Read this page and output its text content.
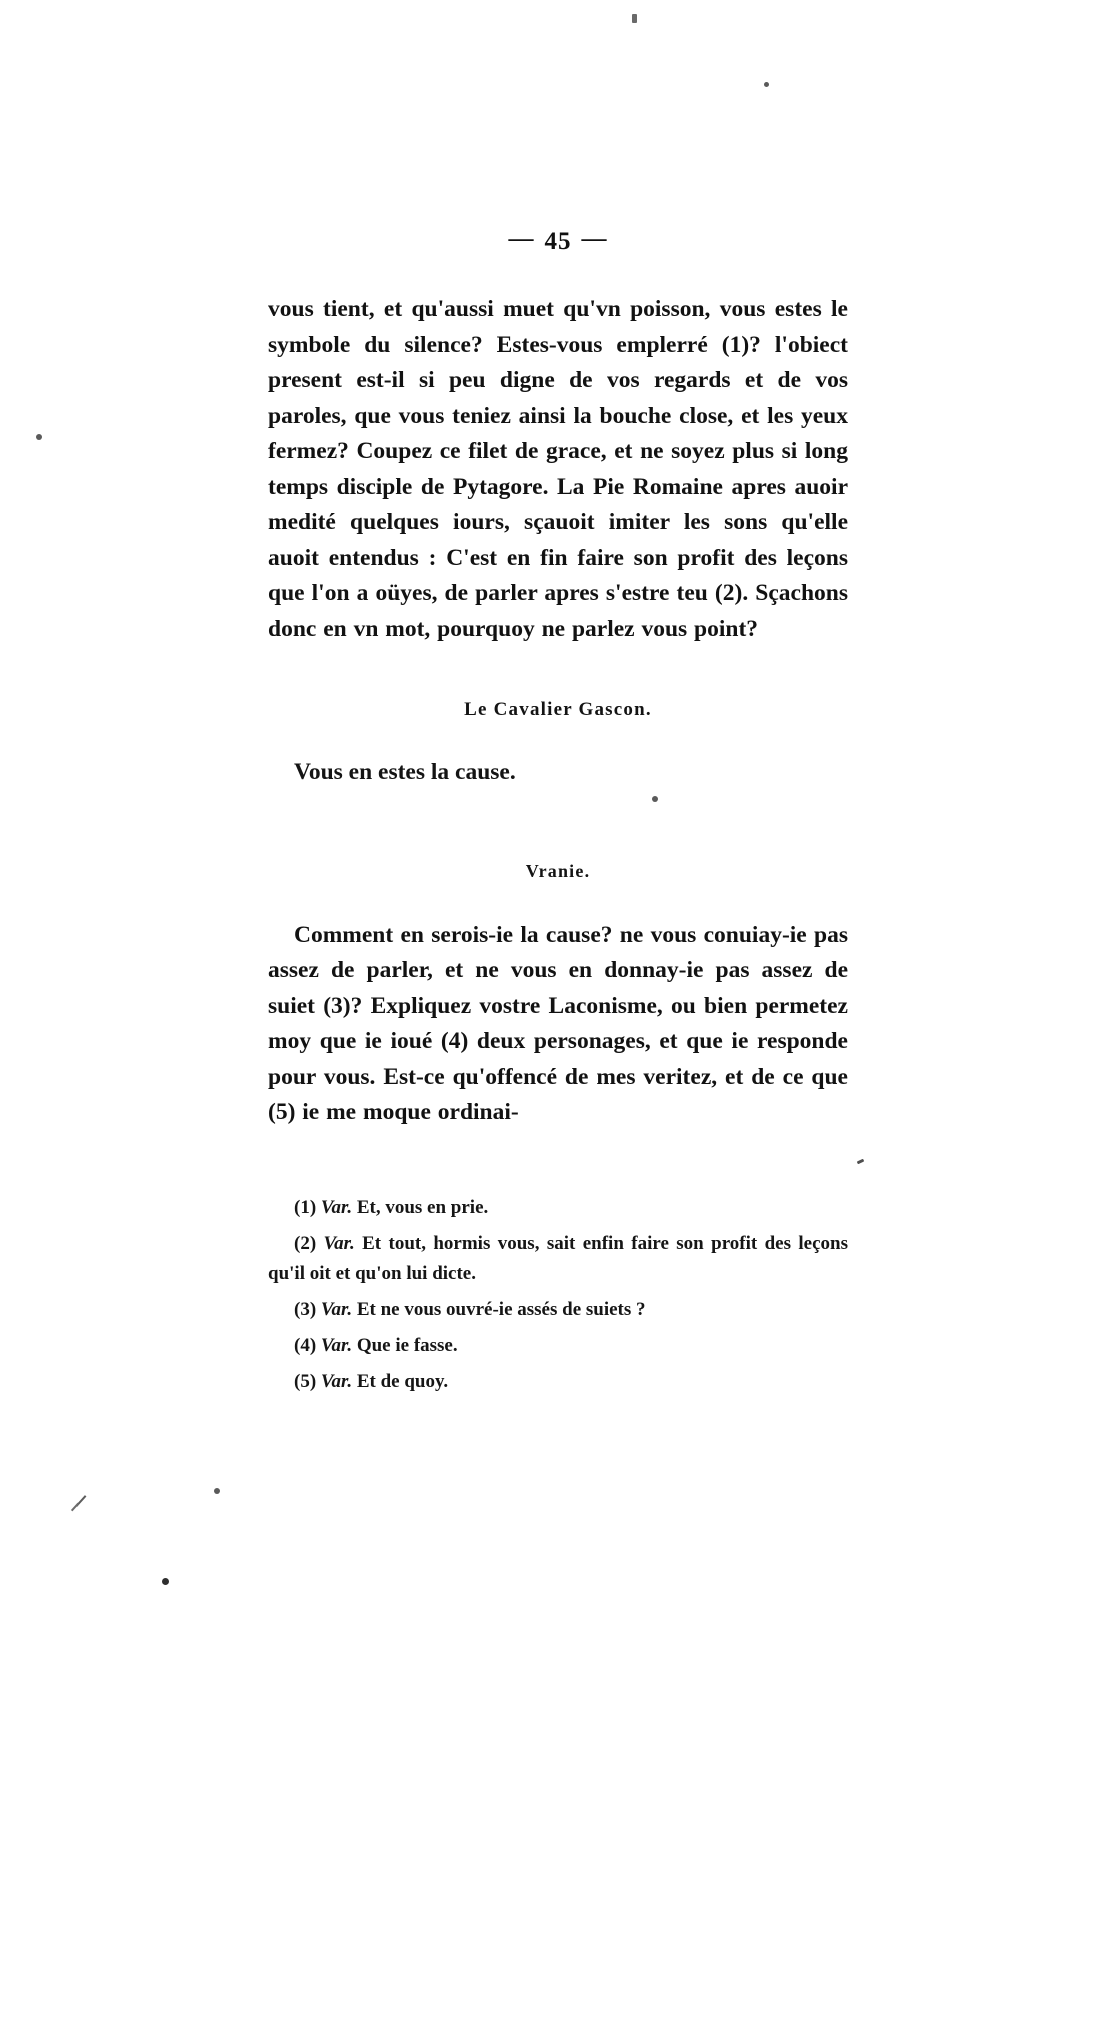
— 45 —

vous tient, et qu'aussi muet qu'vn poisson, vous estes le symbole du silence? Estes-vous emplerré (1)? l'obiect present est-il si peu digne de vos regards et de vos paroles, que vous teniez ainsi la bouche close, et les yeux fermez? Coupez ce filet de grace, et ne soyez plus si long temps disciple de Pytagore. La Pie Romaine apres auoir medité quelques iours, sçauoit imiter les sons qu'elle auoit entendus : C'est en fin faire son profit des leçons que l'on a oüyes, de parler apres s'estre teu (2). Sçachons donc en vn mot, pourquoy ne parlez vous point?

Le Cavalier Gascon.

Vous en estes la cause.

Vranie.

Comment en serois-ie la cause? ne vous conuiay-ie pas assez de parler, et ne vous en donnay-ie pas assez de suiet (3)? Expliquez vostre Laconisme, ou bien permetez moy que ie ioué (4) deux personages, et que ie responde pour vous. Est-ce qu'offencé de mes veritez, et de ce que (5) ie me moque ordinai-

(1) Var. Et, vous en prie.
(2) Var. Et tout, hormis vous, sait enfin faire son profit des leçons qu'il oit et qu'on lui dicte.
(3) Var. Et ne vous ouvré-ie assés de suiets ?
(4) Var. Que ie fasse.
(5) Var. Et de quoy.
